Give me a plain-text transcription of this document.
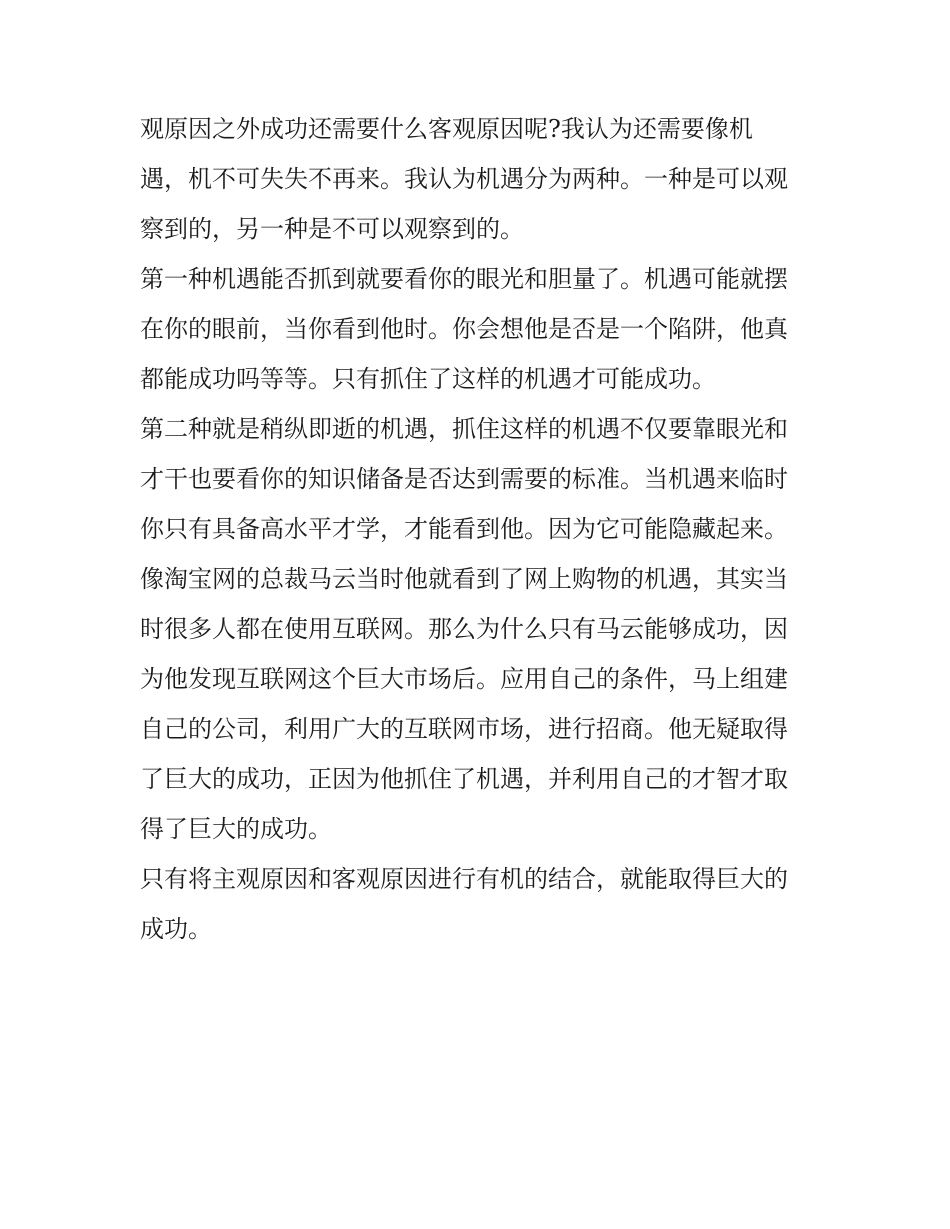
观原因之外成功还需要什么客观原因呢?我认为还需要像机
遇，机不可失失不再来。我认为机遇分为两种。一种是可以观
察到的，另一种是不可以观察到的。
第一种机遇能否抓到就要看你的眼光和胆量了。机遇可能就摆
在你的眼前，当你看到他时。你会想他是否是一个陷阱，他真
都能成功吗等等。只有抓住了这样的机遇才可能成功。
第二种就是稍纵即逝的机遇，抓住这样的机遇不仅要靠眼光和
才干也要看你的知识储备是否达到需要的标准。当机遇来临时
你只有具备高水平才学，才能看到他。因为它可能隐藏起来。
像淘宝网的总裁马云当时他就看到了网上购物的机遇，其实当
时很多人都在使用互联网。那么为什么只有马云能够成功，因
为他发现互联网这个巨大市场后。应用自己的条件，马上组建
自己的公司，利用广大的互联网市场，进行招商。他无疑取得
了巨大的成功，正因为他抓住了机遇，并利用自己的才智才取
得了巨大的成功。
只有将主观原因和客观原因进行有机的结合，就能取得巨大的
成功。
